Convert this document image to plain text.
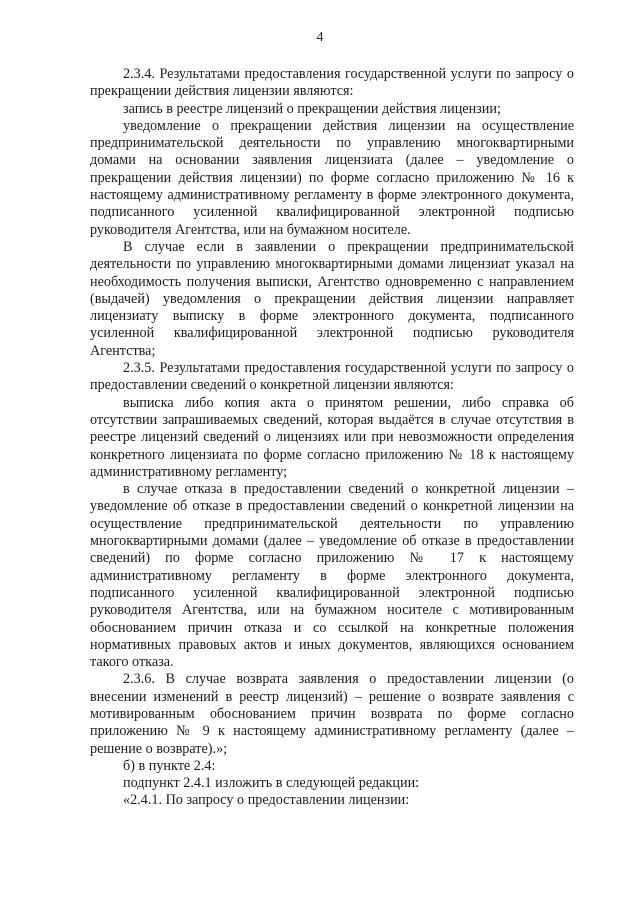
4

2.3.4. Результатами предоставления государственной услуги по запросу о прекращении действия лицензии являются:

запись в реестре лицензий о прекращении действия лицензии;

уведомление о прекращении действия лицензии на осуществление предпринимательской деятельности по управлению многоквартирными домами на основании заявления лицензиата (далее – уведомление о прекращении действия лицензии) по форме согласно приложению № 16 к настоящему административному регламенту в форме электронного документа, подписанного усиленной квалифицированной электронной подписью руководителя Агентства, или на бумажном носителе.

В случае если в заявлении о прекращении предпринимательской деятельности по управлению многоквартирными домами лицензиат указал на необходимость получения выписки, Агентство одновременно с направлением (выдачей) уведомления о прекращении действия лицензии направляет лицензиату выписку в форме электронного документа, подписанного усиленной квалифицированной электронной подписью руководителя Агентства;

2.3.5. Результатами предоставления государственной услуги по запросу о предоставлении сведений о конкретной лицензии являются:

выписка либо копия акта о принятом решении, либо справка об отсутствии запрашиваемых сведений, которая выдаётся в случае отсутствия в реестре лицензий сведений о лицензиях или при невозможности определения конкретного лицензиата по форме согласно приложению № 18 к настоящему административному регламенту;

в случае отказа в предоставлении сведений о конкретной лицензии – уведомление об отказе в предоставлении сведений о конкретной лицензии на осуществление предпринимательской деятельности по управлению многоквартирными домами (далее – уведомление об отказе в предоставлении сведений) по форме согласно приложению № 17 к настоящему административному регламенту в форме электронного документа, подписанного усиленной квалифицированной электронной подписью руководителя Агентства, или на бумажном носителе с мотивированным обоснованием причин отказа и со ссылкой на конкретные положения нормативных правовых актов и иных документов, являющихся основанием такого отказа.

2.3.6. В случае возврата заявления о предоставлении лицензии (о внесении изменений в реестр лицензий) – решение о возврате заявления с мотивированным обоснованием причин возврата по форме согласно приложению № 9 к настоящему административному регламенту (далее – решение о возврате).»;

б) в пункте 2.4:

подпункт 2.4.1 изложить в следующей редакции:

«2.4.1. По запросу о предоставлении лицензии:
